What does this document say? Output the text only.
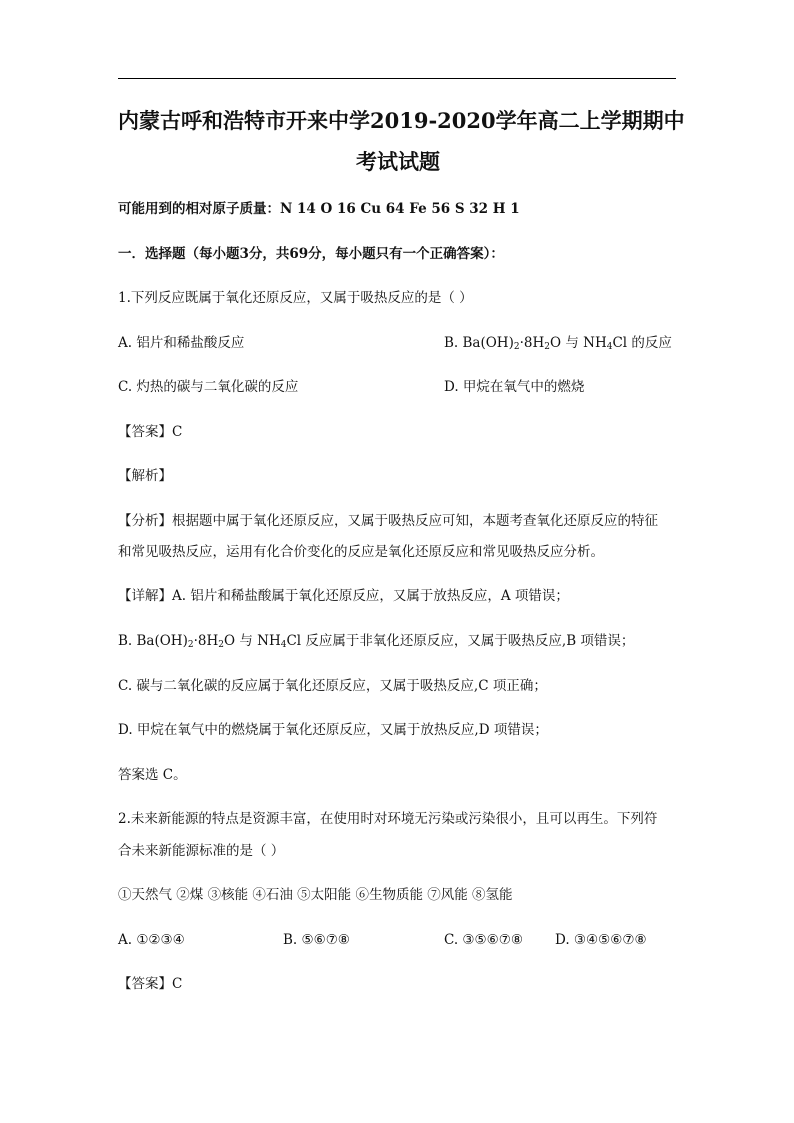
内蒙古呼和浩特市开来中学2019-2020学年高二上学期期中
考试试题
可能用到的相对原子质量：N 14 O 16 Cu 64 Fe 56 S 32 H 1
一．选择题（每小题3分，共69分，每小题只有一个正确答案）：
1.下列反应既属于氧化还原反应，又属于吸热反应的是（ ）
A. 铝片和稀盐酸反应	B. $Ba(OH)_2\cdot 8H_2O$ 与 $NH_4Cl$ 的反应
C. 灼热的碳与二氧化碳的反应	D. 甲烷在氧气中的燃烧
【答案】C
【解析】
【分析】根据题中属于氧化还原反应，又属于吸热反应可知，本题考查氧化还原反应的特征
和常见吸热反应，运用有化合价变化的反应是氧化还原反应和常见吸热反应分析。
【详解】A. 铝片和稀盐酸属于氧化还原反应，又属于放热反应，A 项错误；
B. $Ba(OH)_2\cdot 8H_2O$ 与 $NH_4Cl$ 反应属于非氧化还原反应，又属于吸热反应,B 项错误；
C. 碳与二氧化碳的反应属于氧化还原反应，又属于吸热反应,C 项正确；
D. 甲烷在氧气中的燃烧属于氧化还原反应，又属于放热反应,D 项错误；
答案选 C。
2.未来新能源的特点是资源丰富，在使用时对环境无污染或污染很小，且可以再生。下列符
合未来新能源标准的是（ ）
①天然气 ②煤 ③核能 ④石油 ⑤太阳能 ⑥生物质能 ⑦风能 ⑧氢能
A. ①②③④	B. ⑤⑥⑦⑧	C. ③⑤⑥⑦⑧ D. ③④⑤⑥⑦⑧
【答案】C
